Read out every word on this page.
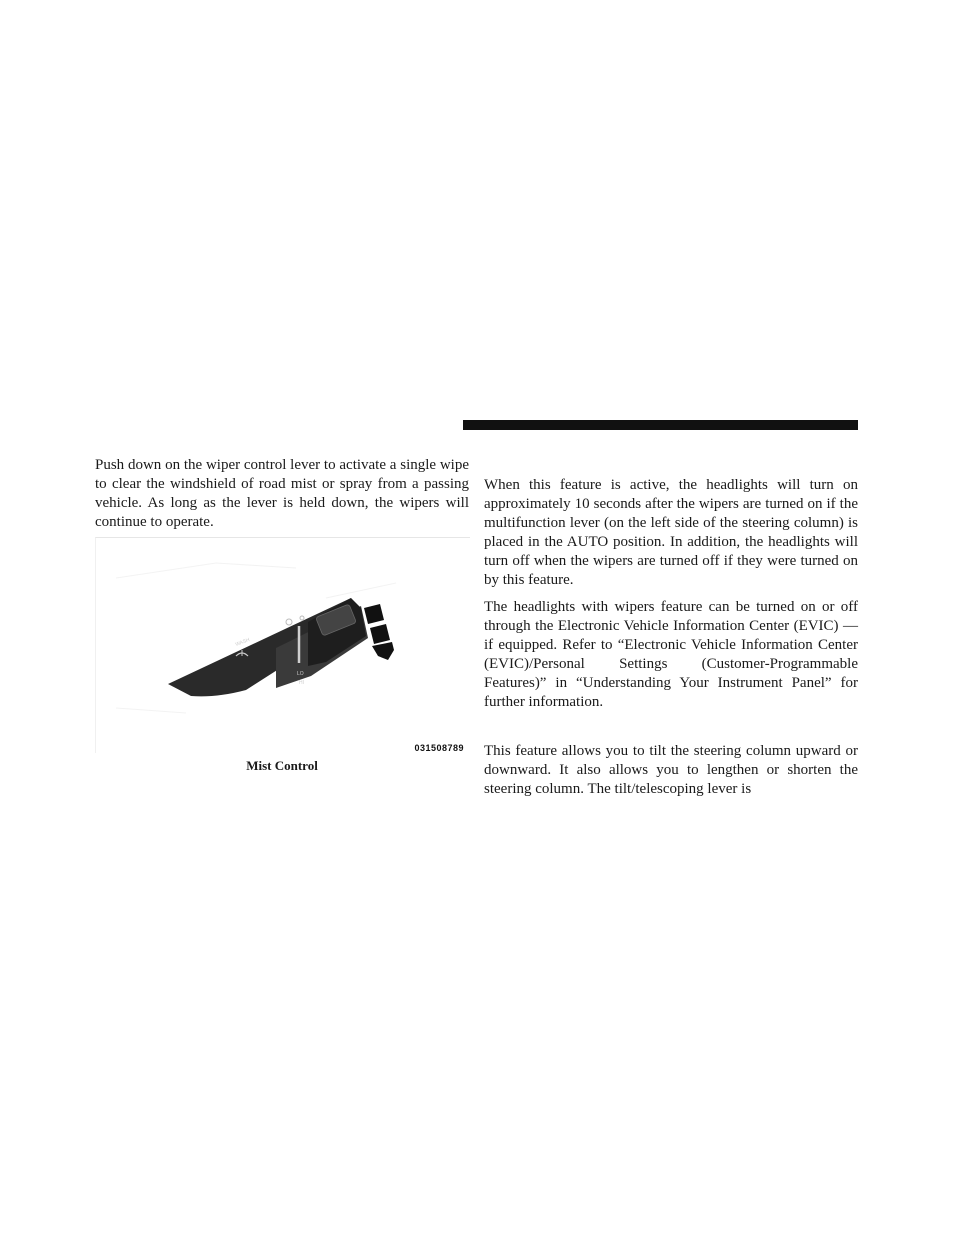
Push down on the wiper control lever to activate a single wipe to clear the windshield of road mist or spray from a passing vehicle. As long as the lever is held down, the wipers will continue to operate.

WASH
LO
HI
031508789
Mist Control

When this feature is active, the headlights will turn on approximately 10 seconds after the wipers are turned on if the multifunction lever (on the left side of the steering column) is placed in the AUTO position. In addition, the headlights will turn off when the wipers are turned off if they were turned on by this feature.

The headlights with wipers feature can be turned on or off through the Electronic Vehicle Information Center (EVIC) — if equipped. Refer to “Electronic Vehicle Information Center (EVIC)/Personal Settings (Customer-Programmable Features)” in “Understanding Your Instrument Panel” for further information.

This feature allows you to tilt the steering column upward or downward. It also allows you to lengthen or shorten the steering column. The tilt/telescoping lever is
